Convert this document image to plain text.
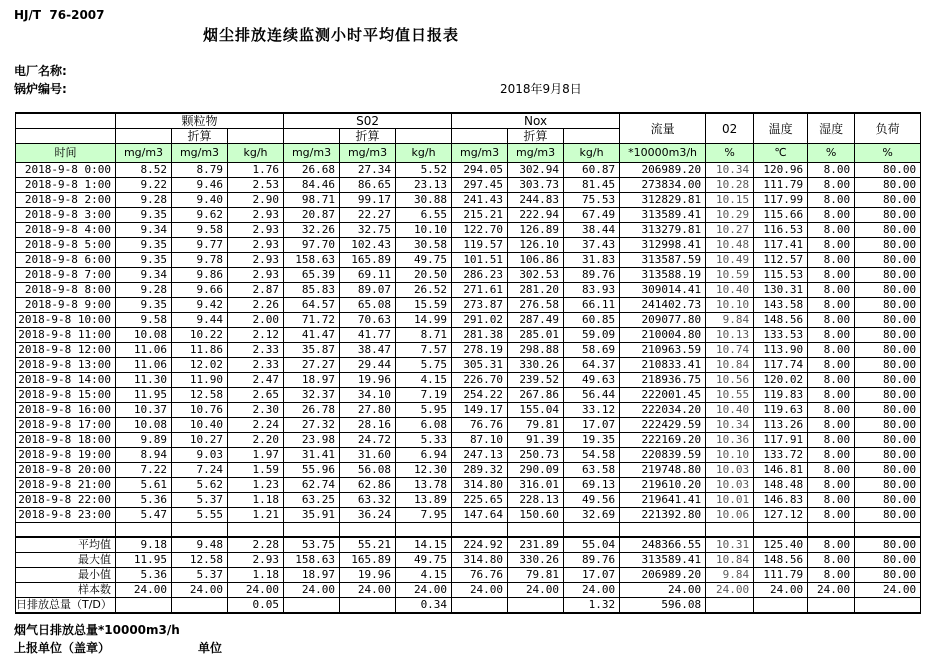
HJ/T  76-2007
烟尘排放连续监测小时平均值日报表
电厂名称:
锅炉编号:	2018年9月8日
	颗粒物			S02			Nox			流量	02	温度	湿度	负荷
		折算			折算			折算						
时间	mg/m3	mg/m3	kg/h	mg/m3	mg/m3	kg/h	mg/m3	mg/m3	kg/h	*10000m3/h	%	℃	%	%
2018-9-8 0:00	8.52	8.79	1.76	26.68	27.34	5.52	294.05	302.94	60.87	206989.20	10.34	120.96	8.00	80.00
2018-9-8 1:00	9.22	9.46	2.53	84.46	86.65	23.13	297.45	303.73	81.45	273834.00	10.28	111.79	8.00	80.00
2018-9-8 2:00	9.28	9.40	2.90	98.71	99.17	30.88	241.43	244.83	75.53	312829.81	10.15	117.99	8.00	80.00
2018-9-8 3:00	9.35	9.62	2.93	20.87	22.27	6.55	215.21	222.94	67.49	313589.41	10.29	115.66	8.00	80.00
2018-9-8 4:00	9.34	9.58	2.93	32.26	32.75	10.10	122.70	126.89	38.44	313279.81	10.27	116.53	8.00	80.00
2018-9-8 5:00	9.35	9.77	2.93	97.70	102.43	30.58	119.57	126.10	37.43	312998.41	10.48	117.41	8.00	80.00
2018-9-8 6:00	9.35	9.78	2.93	158.63	165.89	49.75	101.51	106.86	31.83	313587.59	10.49	112.57	8.00	80.00
2018-9-8 7:00	9.34	9.86	2.93	65.39	69.11	20.50	286.23	302.53	89.76	313588.19	10.59	115.53	8.00	80.00
2018-9-8 8:00	9.28	9.66	2.87	85.83	89.07	26.52	271.61	281.20	83.93	309014.41	10.40	130.31	8.00	80.00
2018-9-8 9:00	9.35	9.42	2.26	64.57	65.08	15.59	273.87	276.58	66.11	241402.73	10.10	143.58	8.00	80.00
2018-9-8 10:00	9.58	9.44	2.00	71.72	70.63	14.99	291.02	287.49	60.85	209077.80	9.84	148.56	8.00	80.00
2018-9-8 11:00	10.08	10.22	2.12	41.47	41.77	8.71	281.38	285.01	59.09	210004.80	10.13	133.53	8.00	80.00
2018-9-8 12:00	11.06	11.86	2.33	35.87	38.47	7.57	278.19	298.88	58.69	210963.59	10.74	113.90	8.00	80.00
2018-9-8 13:00	11.06	12.02	2.33	27.27	29.44	5.75	305.31	330.26	64.37	210833.41	10.84	117.74	8.00	80.00
2018-9-8 14:00	11.30	11.90	2.47	18.97	19.96	4.15	226.70	239.52	49.63	218936.75	10.56	120.02	8.00	80.00
2018-9-8 15:00	11.95	12.58	2.65	32.37	34.10	7.19	254.22	267.86	56.44	222001.45	10.55	119.83	8.00	80.00
2018-9-8 16:00	10.37	10.76	2.30	26.78	27.80	5.95	149.17	155.04	33.12	222034.20	10.40	119.63	8.00	80.00
2018-9-8 17:00	10.08	10.40	2.24	27.32	28.16	6.08	76.76	79.81	17.07	222429.59	10.34	113.26	8.00	80.00
2018-9-8 18:00	9.89	10.27	2.20	23.98	24.72	5.33	87.10	91.39	19.35	222169.20	10.36	117.91	8.00	80.00
2018-9-8 19:00	8.94	9.03	1.97	31.41	31.60	6.94	247.13	250.73	54.58	220839.59	10.10	133.72	8.00	80.00
2018-9-8 20:00	7.22	7.24	1.59	55.96	56.08	12.30	289.32	290.09	63.58	219748.80	10.03	146.81	8.00	80.00
2018-9-8 21:00	5.61	5.62	1.23	62.74	62.86	13.78	314.80	316.01	69.13	219610.20	10.03	148.48	8.00	80.00
2018-9-8 22:00	5.36	5.37	1.18	63.25	63.32	13.89	225.65	228.13	49.56	219641.41	10.01	146.83	8.00	80.00
2018-9-8 23:00	5.47	5.55	1.21	35.91	36.24	7.95	147.64	150.60	32.69	221392.80	10.06	127.12	8.00	80.00

平均值	9.18	9.48	2.28	53.75	55.21	14.15	224.92	231.89	55.04	248366.55	10.31	125.40	8.00	80.00
最大值	11.95	12.58	2.93	158.63	165.89	49.75	314.80	330.26	89.76	313589.41	10.84	148.56	8.00	80.00
最小值	5.36	5.37	1.18	18.97	19.96	4.15	76.76	79.81	17.07	206989.20	9.84	111.79	8.00	80.00
样本数	24.00	24.00	24.00	24.00	24.00	24.00	24.00	24.00	24.00	24.00	24.00	24.00	24.00	24.00
日排放总量（T/D）			0.05			0.34			1.32	596.08				
烟气日排放总量*10000m3/h
上报单位（盖章）	单位
